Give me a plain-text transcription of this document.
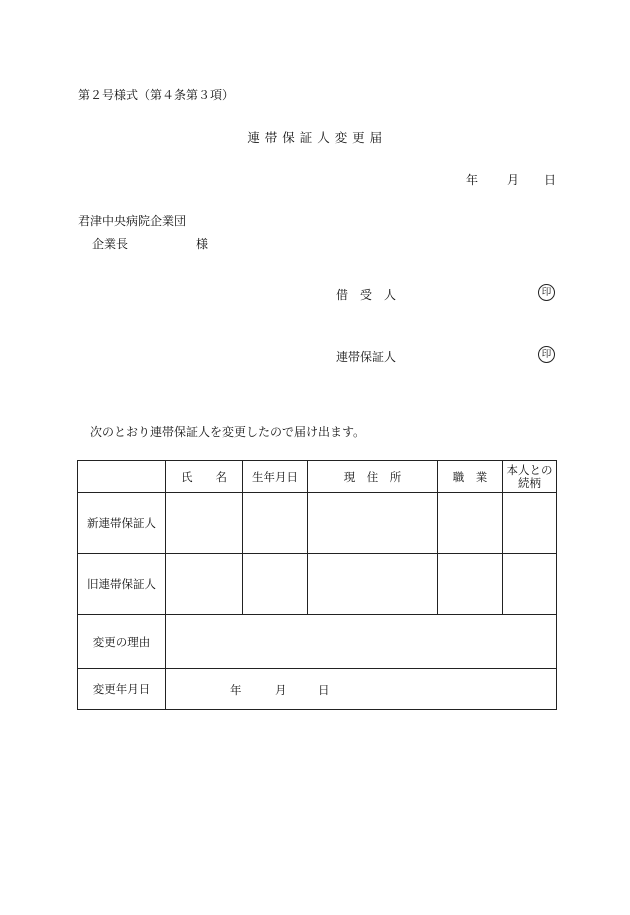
第２号様式（第４条第３項）
連 帯 保 証 人 変 更 届
年 月 日
君津中央病院企業団
企業長	様
借　受　人	印
連帯保証人	印
次のとおり連帯保証人を変更したので届け出ます。
	氏　　名	生年月日	現　住　所	職　業	本人との続柄
新連帯保証人					
旧連帯保証人					
変更の理由					
変更年月日	年 月 日				
